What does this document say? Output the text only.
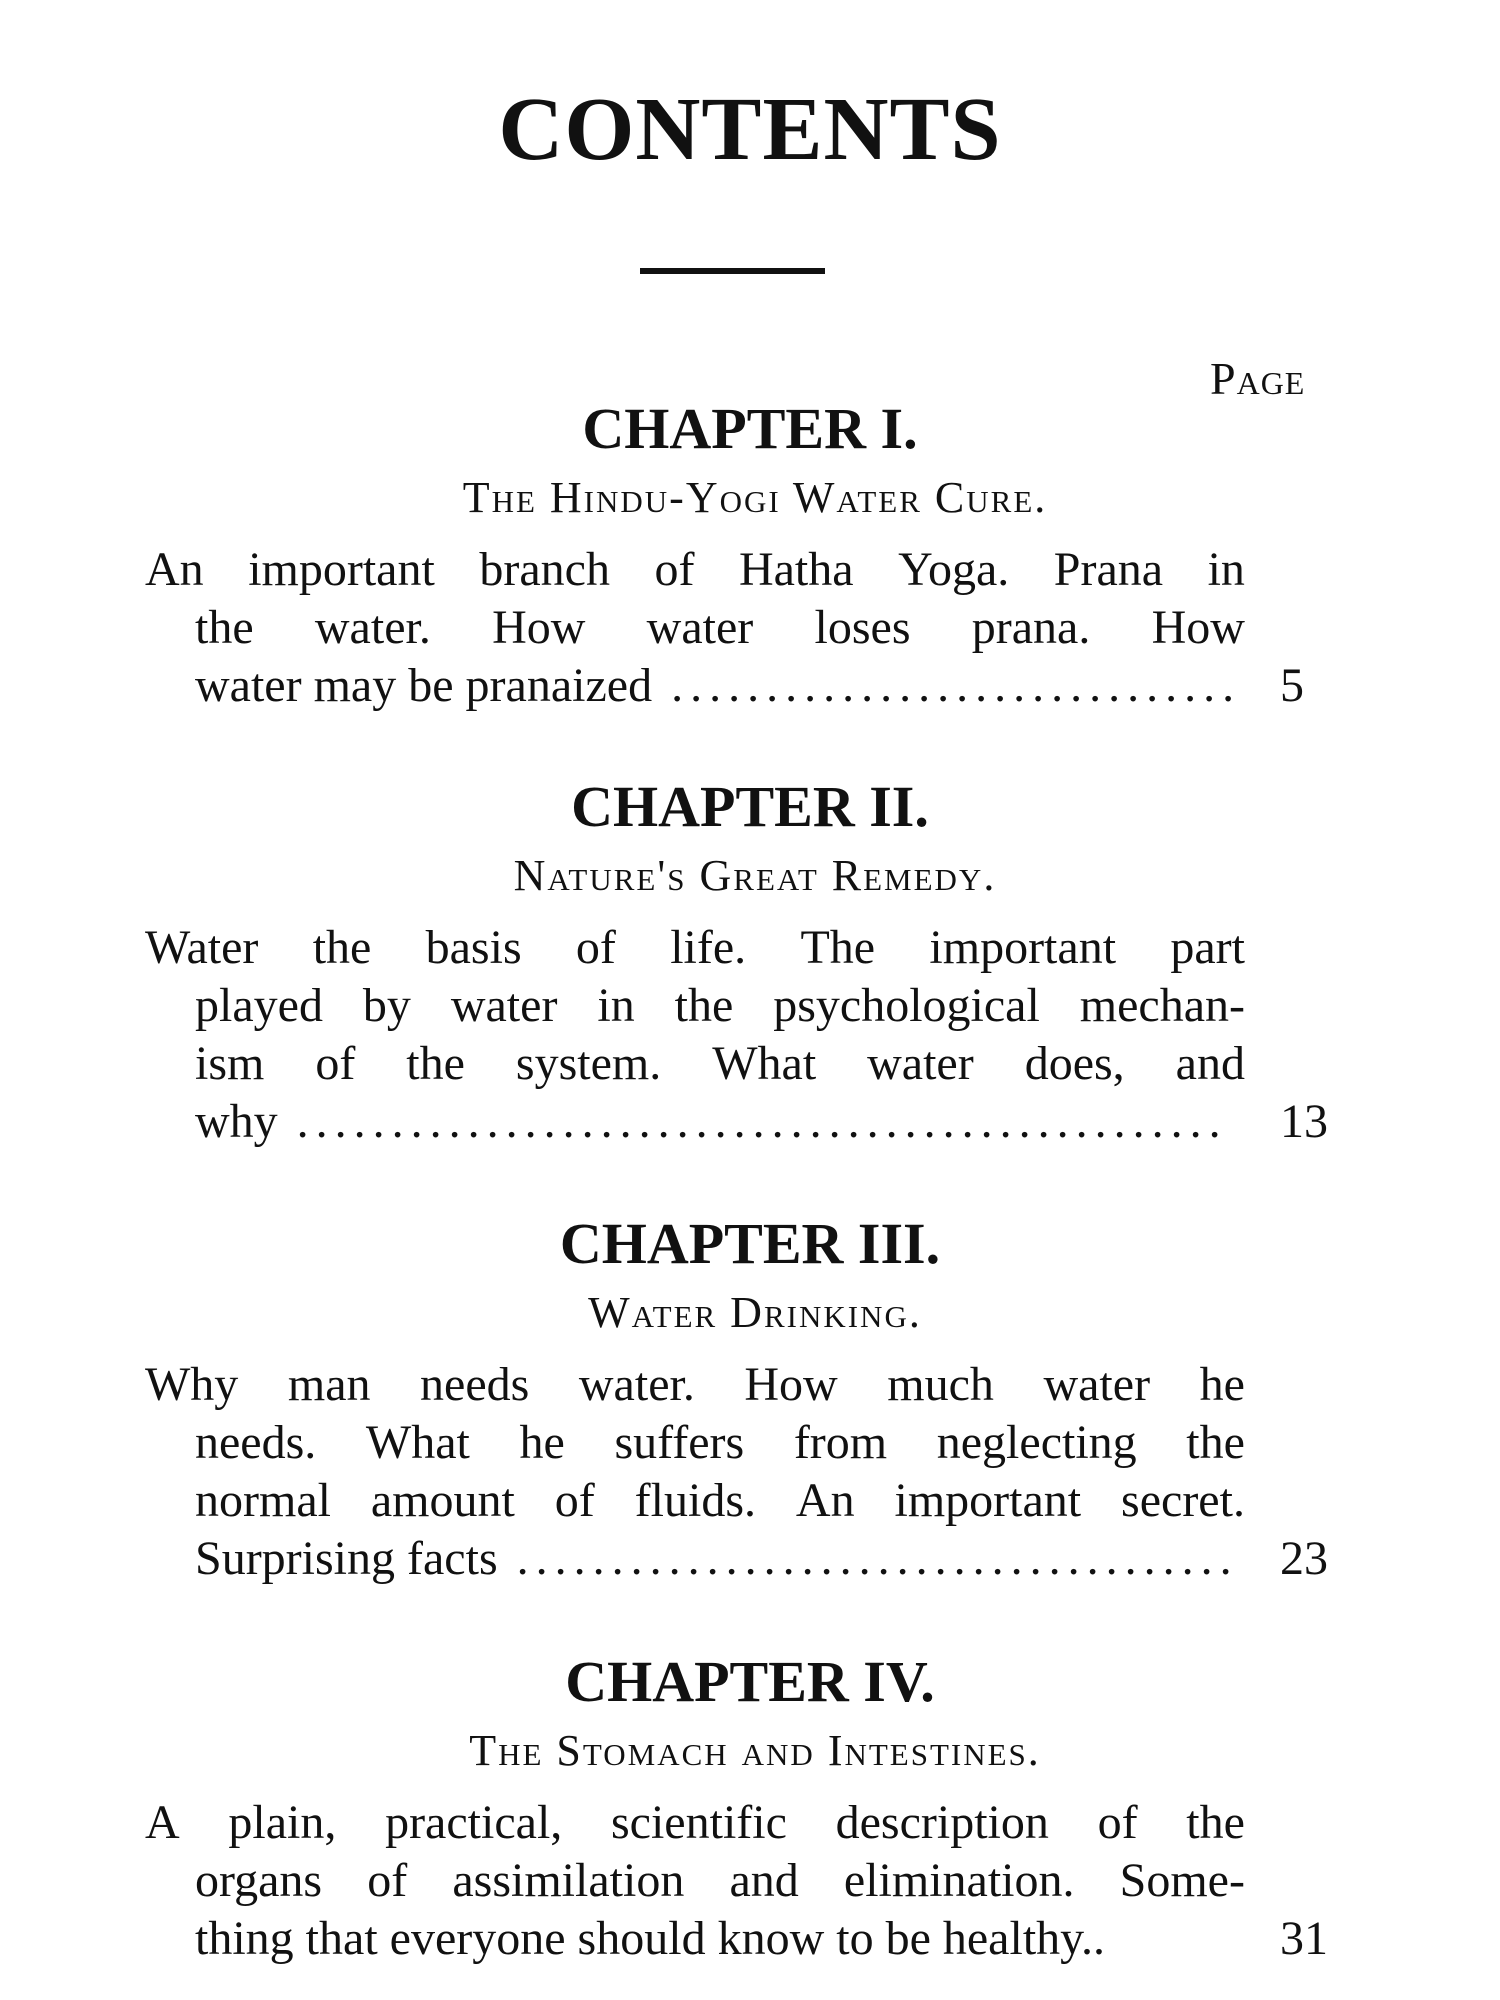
CONTENTS
Page
CHAPTER I.
The Hindu-Yogi Water Cure.
An important branch of Hatha Yoga. Prana in
the water. How water loses prana. How
water may be pranaized .............................. 5
CHAPTER II.
Nature's Great Remedy.
Water the basis of life. The important part
played by water in the psychological mechan-
ism of the system. What water does, and
why .................................................	13
CHAPTER III.
Water Drinking.
Why man needs water. How much water he
needs. What he suffers from neglecting the
normal amount of fluids. An important secret.
Surprising facts ...................................... 23
CHAPTER IV.
The Stomach and Intestines.
A plain, practical, scientific description of the
organs of assimilation and elimination. Some-
thing that everyone should know to be healthy..	31
